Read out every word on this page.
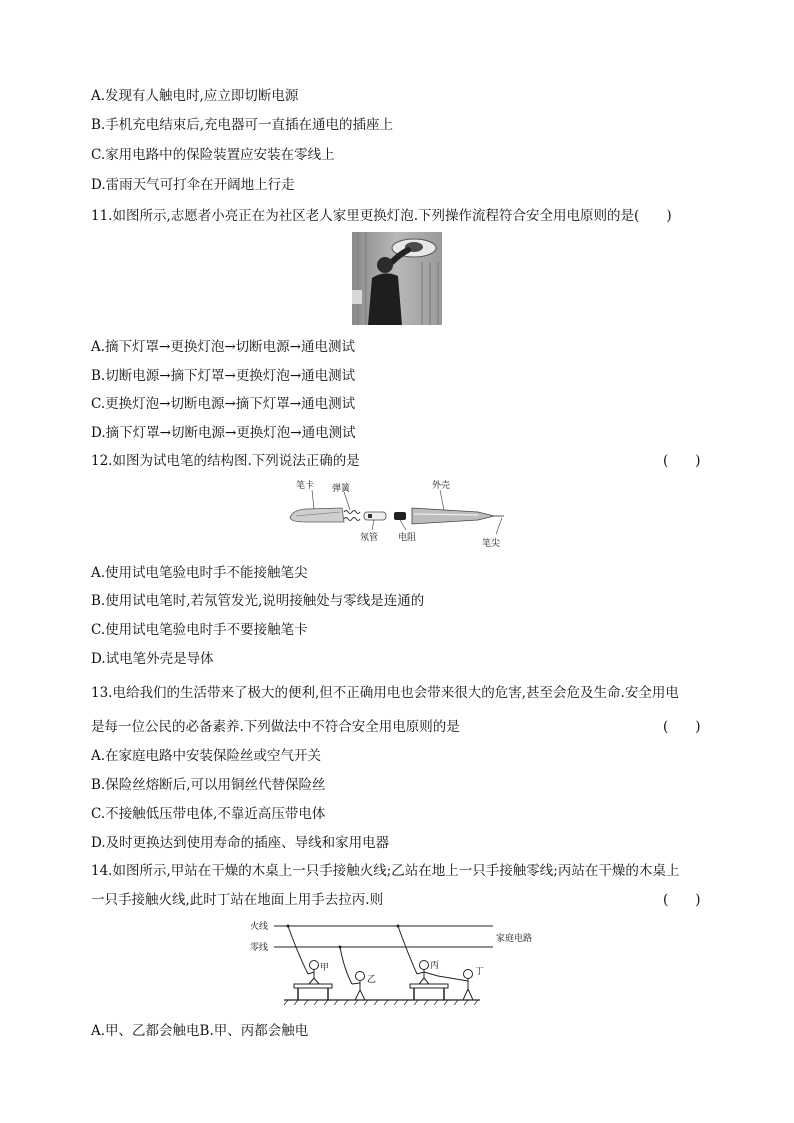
A.发现有人触电时,应立即切断电源
B.手机充电结束后,充电器可一直插在通电的插座上
C.家用电路中的保险装置应安装在零线上
D.雷雨天气可打伞在开阔地上行走
11.如图所示,志愿者小亮正在为社区老人家里更换灯泡.下列操作流程符合安全用电原则的是(　　)
A.摘下灯罩→更换灯泡→切断电源→通电测试
B.切断电源→摘下灯罩→更换灯泡→通电测试
C.更换灯泡→切断电源→摘下灯罩→通电测试
D.摘下灯罩→切断电源→更换灯泡→通电测试
12.如图为试电笔的结构图.下列说法正确的是	(　　)
笔卡 弹簧	外壳
氖管 电阻
笔尖
A.使用试电笔验电时手不能接触笔尖
B.使用试电笔时,若氖管发光,说明接触处与零线是连通的
C.使用试电笔验电时手不要接触笔卡
D.试电笔外壳是导体
13.电给我们的生活带来了极大的便利,但不正确用电也会带来很大的危害,甚至会危及生命.安全用电
是每一位公民的必备素养.下列做法中不符合安全用电原则的是	(　　)
A.在家庭电路中安装保险丝或空气开关
B.保险丝熔断后,可以用铜丝代替保险丝
C.不接触低压带电体,不靠近高压带电体
D.及时更换达到使用寿命的插座、导线和家用电器
14.如图所示,甲站在干燥的木桌上一只手接触火线;乙站在地上一只手接触零线;丙站在干燥的木桌上
一只手接触火线,此时丁站在地面上用手去拉丙.则	(　　)
火线
零线
家庭电路
甲
乙
丙
丁
A.甲、乙都会触电B.甲、丙都会触电
